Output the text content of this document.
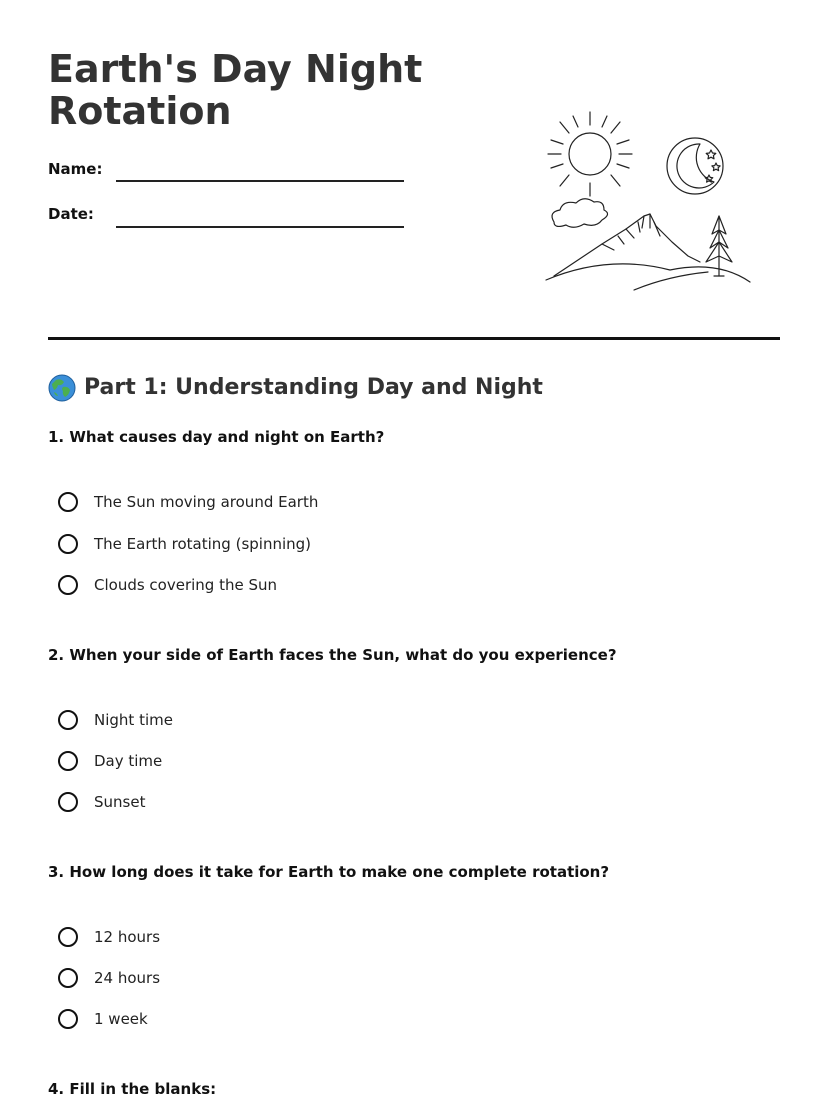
Earth's Day Night Rotation
Name:
Date:
Part 1: Understanding Day and Night

1. What causes day and night on Earth?

The Sun moving around Earth
The Earth rotating (spinning)
Clouds covering the Sun

2. When your side of Earth faces the Sun, what do you experience?

Night time
Day time
Sunset

3. How long does it take for Earth to make one complete rotation?

12 hours
24 hours
1 week

4. Fill in the blanks:
